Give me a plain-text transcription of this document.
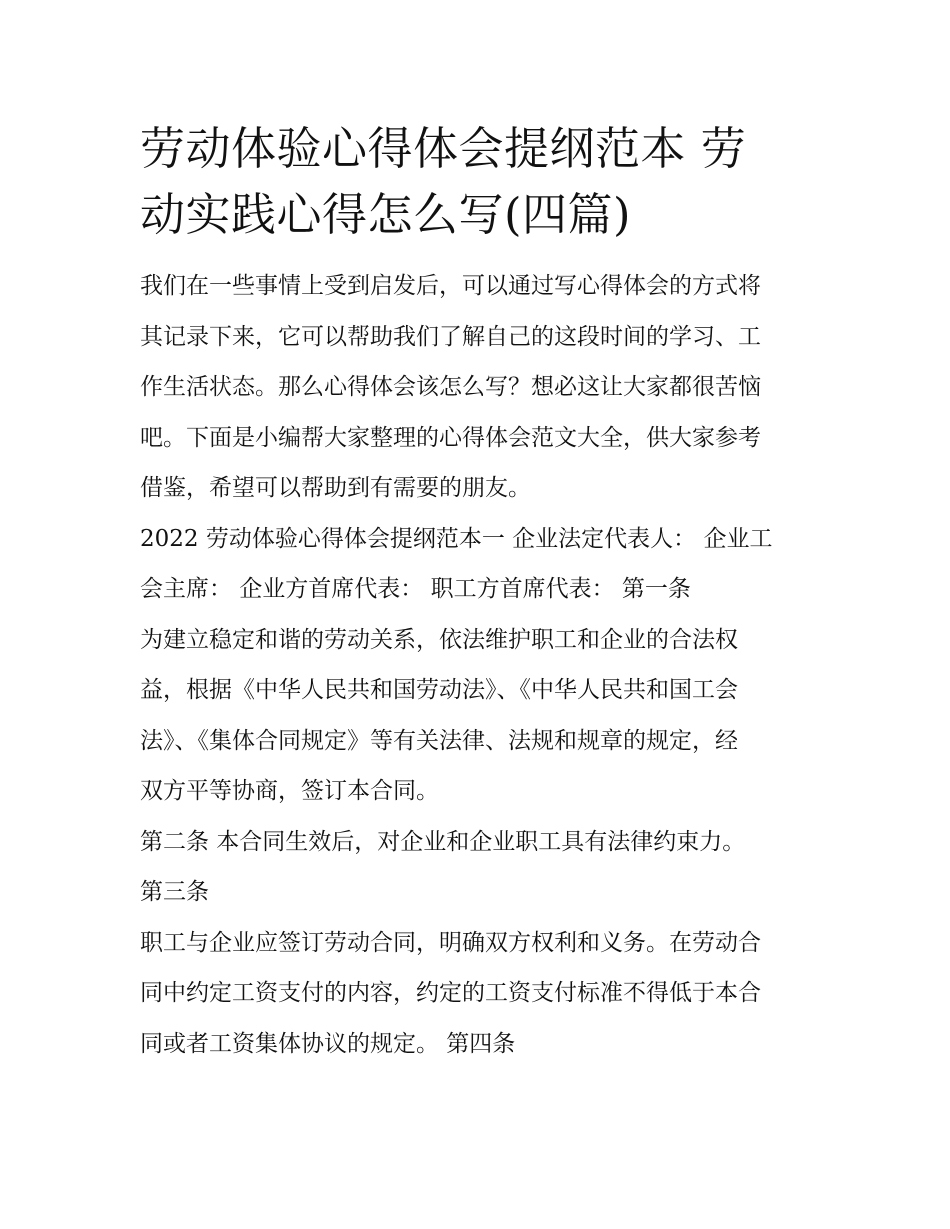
劳动体验心得体会提纲范本 劳
动实践心得怎么写(四篇)

我们在一些事情上受到启发后，可以通过写心得体会的方式将
其记录下来，它可以帮助我们了解自己的这段时间的学习、工
作生活状态。那么心得体会该怎么写？想必这让大家都很苦恼
吧。下面是小编帮大家整理的心得体会范文大全，供大家参考
借鉴，希望可以帮助到有需要的朋友。

2022 劳动体验心得体会提纲范本一 企业法定代表人： 企业工
会主席： 企业方首席代表： 职工方首席代表： 第一条

为建立稳定和谐的劳动关系，依法维护职工和企业的合法权
益，根据《中华人民共和国劳动法》、《中华人民共和国工会
法》、《集体合同规定》等有关法律、法规和规章的规定，经
双方平等协商，签订本合同。

第二条 本合同生效后，对企业和企业职工具有法律约束力。

第三条

职工与企业应签订劳动合同，明确双方权利和义务。在劳动合
同中约定工资支付的内容，约定的工资支付标准不得低于本合
同或者工资集体协议的规定。 第四条
